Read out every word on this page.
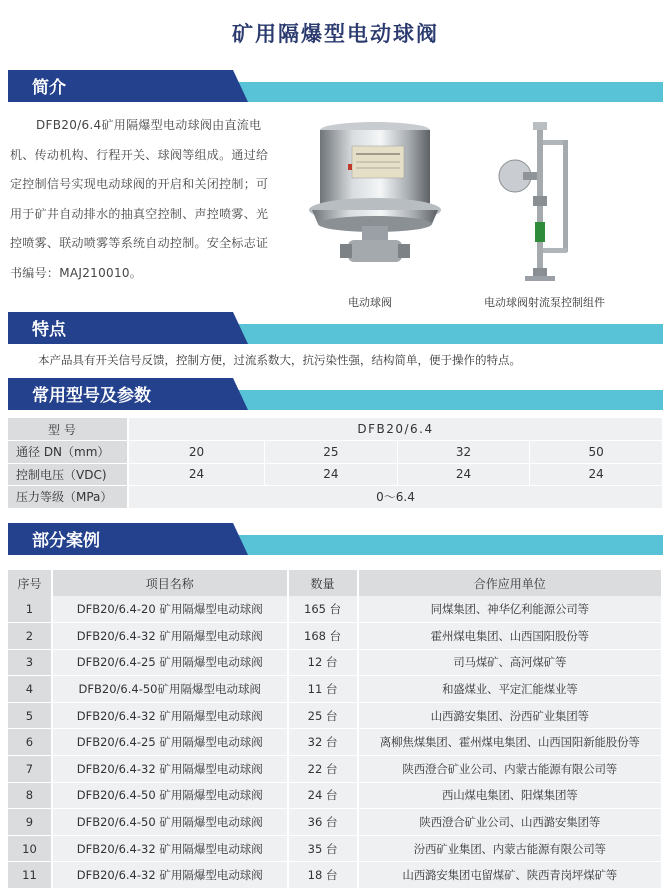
矿用隔爆型电动球阀
简介
DFB20/6.4矿用隔爆型电动球阀由直流电
机、传动机构、行程开关、球阀等组成。通过给
定控制信号实现电动球阀的开启和关闭控制；可
用于矿井自动排水的抽真空控制、声控喷雾、光
控喷雾、联动喷雾等系统自动控制。安全标志证
书编号：MAJ210010。
电动球阀	电动球阀射流泵控制组件
特点
本产品具有开关信号反馈，控制方便，过流系数大，抗污染性强，结构简单，便于操作的特点。
常用型号及参数
型 号	DFB20/6.4			
通径 DN（mm）	20	25	32	50
控制电压（VDC)	24	24	24	24
压力等级（MPa）	0～6.4			
部分案例
序号	项目名称	数量	合作应用单位
1	DFB20/6.4-20 矿用隔爆型电动球阀	165 台	同煤集团、神华亿利能源公司等
2	DFB20/6.4-32 矿用隔爆型电动球阀	168 台	霍州煤电集团、山西国阳股份等
3	DFB20/6.4-25 矿用隔爆型电动球阀	12 台	司马煤矿、高河煤矿等
4	DFB20/6.4-50矿用隔爆型电动球阀	11 台	和盛煤业、平定汇能煤业等
5	DFB20/6.4-32 矿用隔爆型电动球阀	25 台	山西潞安集团、汾西矿业集团等
6	DFB20/6.4-25 矿用隔爆型电动球阀	32 台	离柳焦煤集团、霍州煤电集团、山西国阳新能股份等
7	DFB20/6.4-32 矿用隔爆型电动球阀	22 台	陕西澄合矿业公司、内蒙古能源有限公司等
8	DFB20/6.4-50 矿用隔爆型电动球阀	24 台	西山煤电集团、阳煤集团等
9	DFB20/6.4-50 矿用隔爆型电动球阀	36 台	陕西澄合矿业公司、山西潞安集团等
10	DFB20/6.4-32 矿用隔爆型电动球阀	35 台	汾西矿业集团、内蒙古能源有限公司等
11	DFB20/6.4-32 矿用隔爆型电动球阀	18 台	山西潞安集团屯留煤矿、陕西青岗坪煤矿等
